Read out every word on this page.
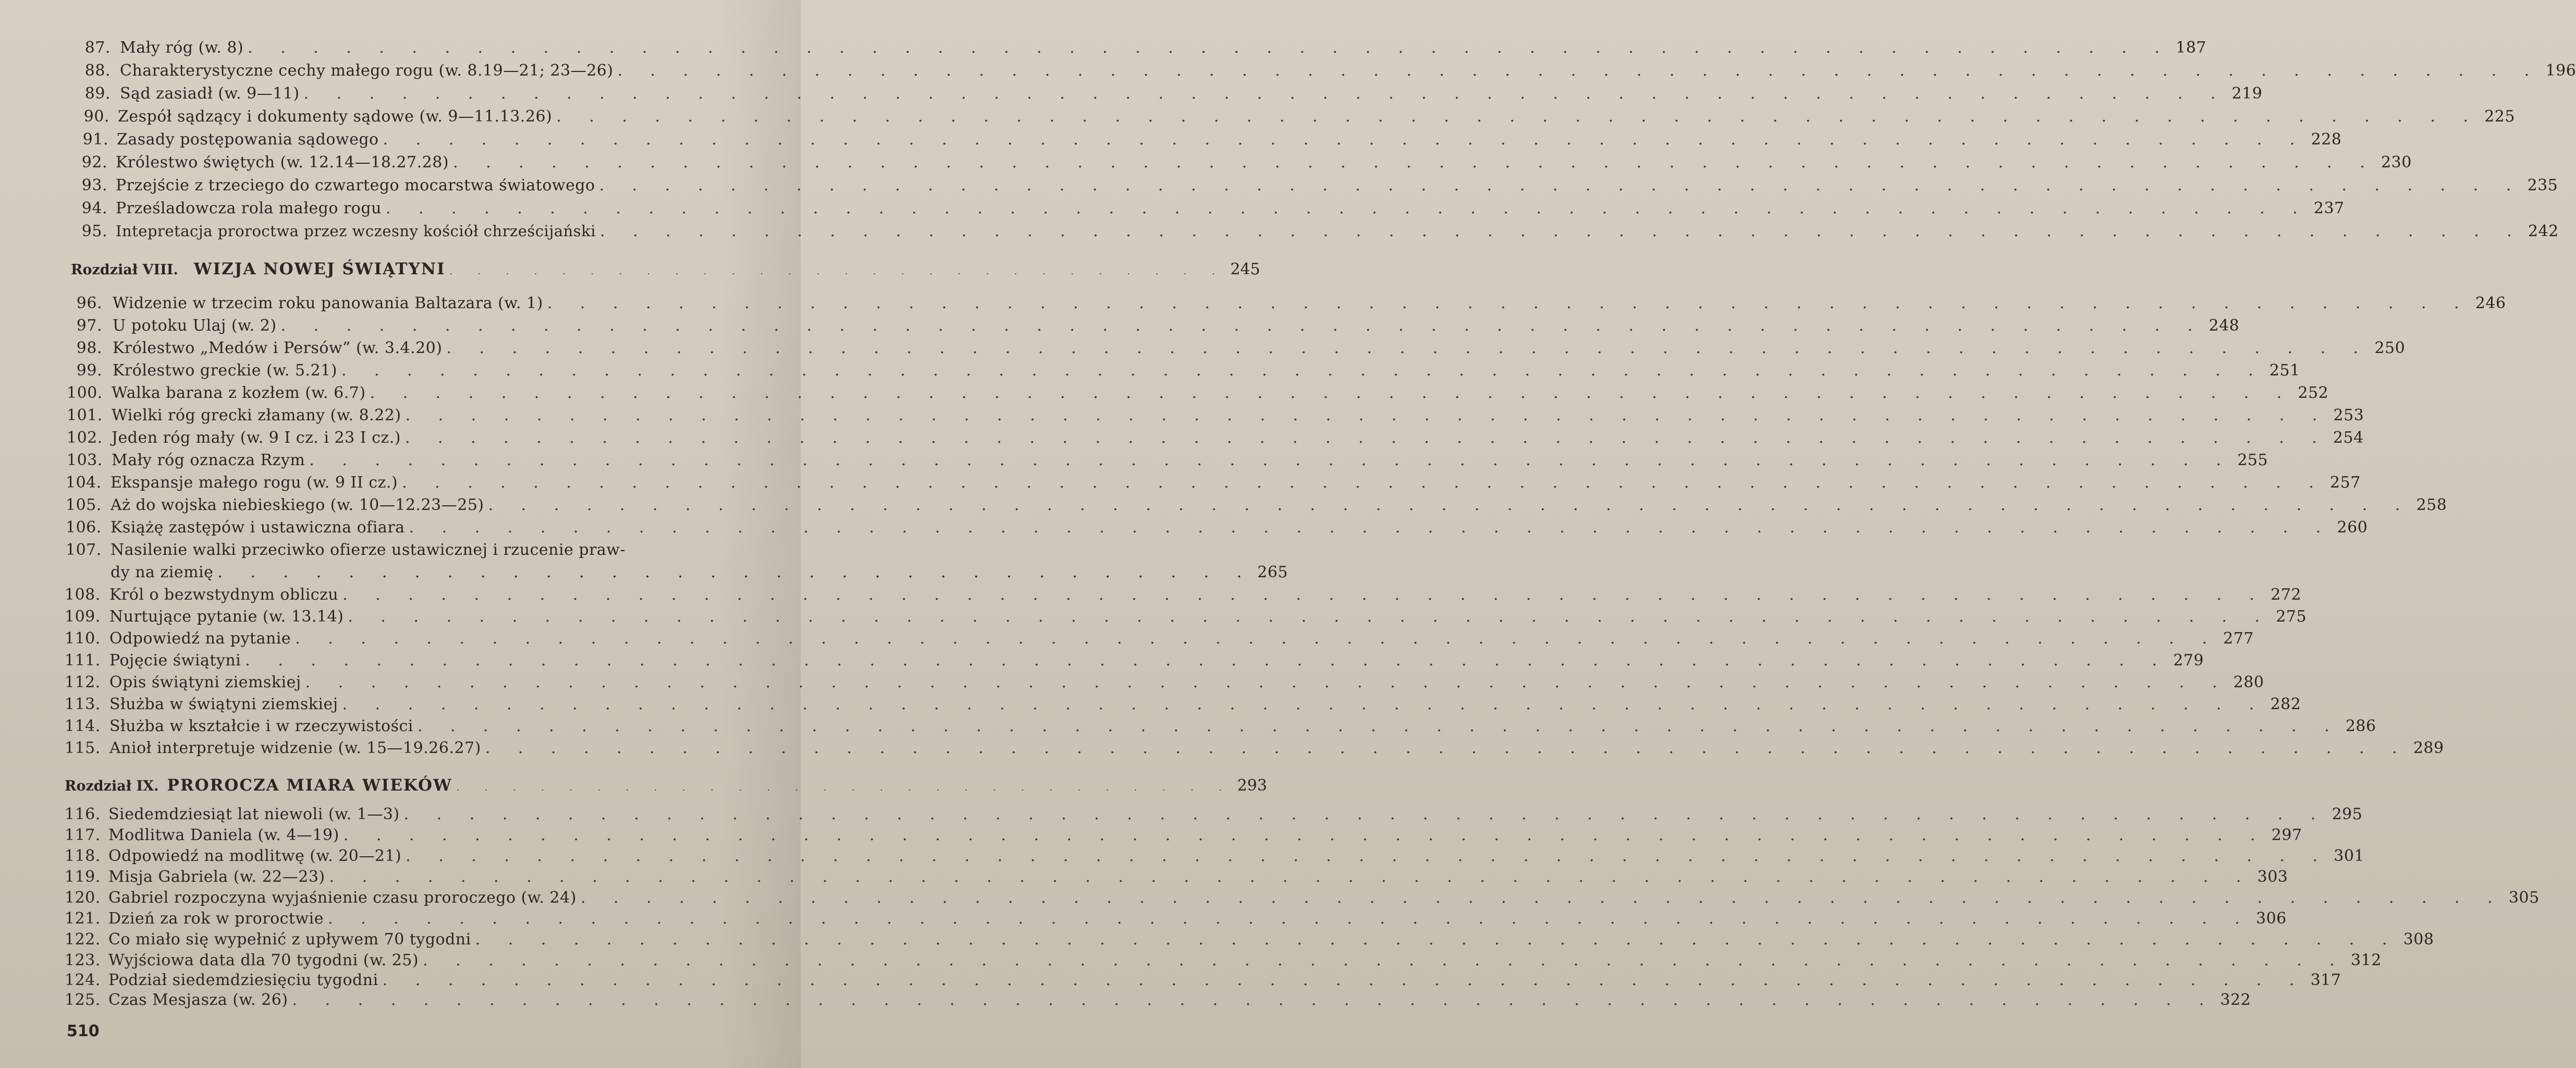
87. Mały róg (w. 8) . . .	187
88. Charakterystyczne cechy małego rogu (w. 8.19—21; 23—26) . . .	196
89. Sąd zasiadł (w. 9—11) . . .	219
90. Zespół sądzący i dokumenty sądowe (w. 9—11.13.26) . . .	225
91. Zasady postępowania sądowego . . .	228
92. Królestwo świętych (w. 12.14—18.27.28) . . .	230
93. Przejście z trzeciego do czwartego mocarstwa światowego . . .	235
94. Prześladowcza rola małego rogu . . .	237
95. Intepretacja proroctwa przez wczesny kościół chrześcijański . . .	242
Rozdział VIII. WIZJA NOWEJ ŚWIĄTYNI . . .	245
96. Widzenie w trzecim roku panowania Baltazara (w. 1) . . .	246
97. U potoku Ulaj (w. 2) . . .	248
98. Królestwo „Medów i Persów” (w. 3.4.20) . . .	250
99. Królestwo greckie (w. 5.21) . . .	251
100. Walka barana z kozłem (w. 6.7) . . .	252
101. Wielki róg grecki złamany (w. 8.22) . . .	253
102. Jeden róg mały (w. 9 I cz. i 23 I cz.) . . .	254
103. Mały róg oznacza Rzym . . .	255
104. Ekspansje małego rogu (w. 9 II cz.) . . .	257
105. Aż do wojska niebieskiego (w. 10—12.23—25) . . .	258
106. Książę zastępów i ustawiczna ofiara . . .	260
107. Nasilenie walki przeciwko ofierze ustawicznej i rzucenie praw-
dy na ziemię . . .	265
108. Król o bezwstydnym obliczu . . .	272
109. Nurtujące pytanie (w. 13.14) . . .	275
110. Odpowiedź na pytanie . . .	277
111. Pojęcie świątyni . . .	279
112. Opis świątyni ziemskiej . . .	280
113. Służba w świątyni ziemskiej . . .	282
114. Służba w kształcie i w rzeczywistości . . .	286
115. Anioł interpretuje widzenie (w. 15—19.26.27) . . .	289
Rozdział IX. PROROCZA MIARA WIEKÓW . . .	293
116. Siedemdziesiąt lat niewoli (w. 1—3) . . .	295
117. Modlitwa Daniela (w. 4—19) . . .	297
118. Odpowiedź na modlitwę (w. 20—21) . . .	301
119. Misja Gabriela (w. 22—23) . . .	303
120. Gabriel rozpoczyna wyjaśnienie czasu proroczego (w. 24) . . .	305
121. Dzień za rok w proroctwie . . .	306
122. Co miało się wypełnić z upływem 70 tygodni . . .	308
123. Wyjściowa data dla 70 tygodni (w. 25) . . .	312
124. Podział siedemdziesięciu tygodni . . .	317
125. Czas Mesjasza (w. 26) . . .	322
510
